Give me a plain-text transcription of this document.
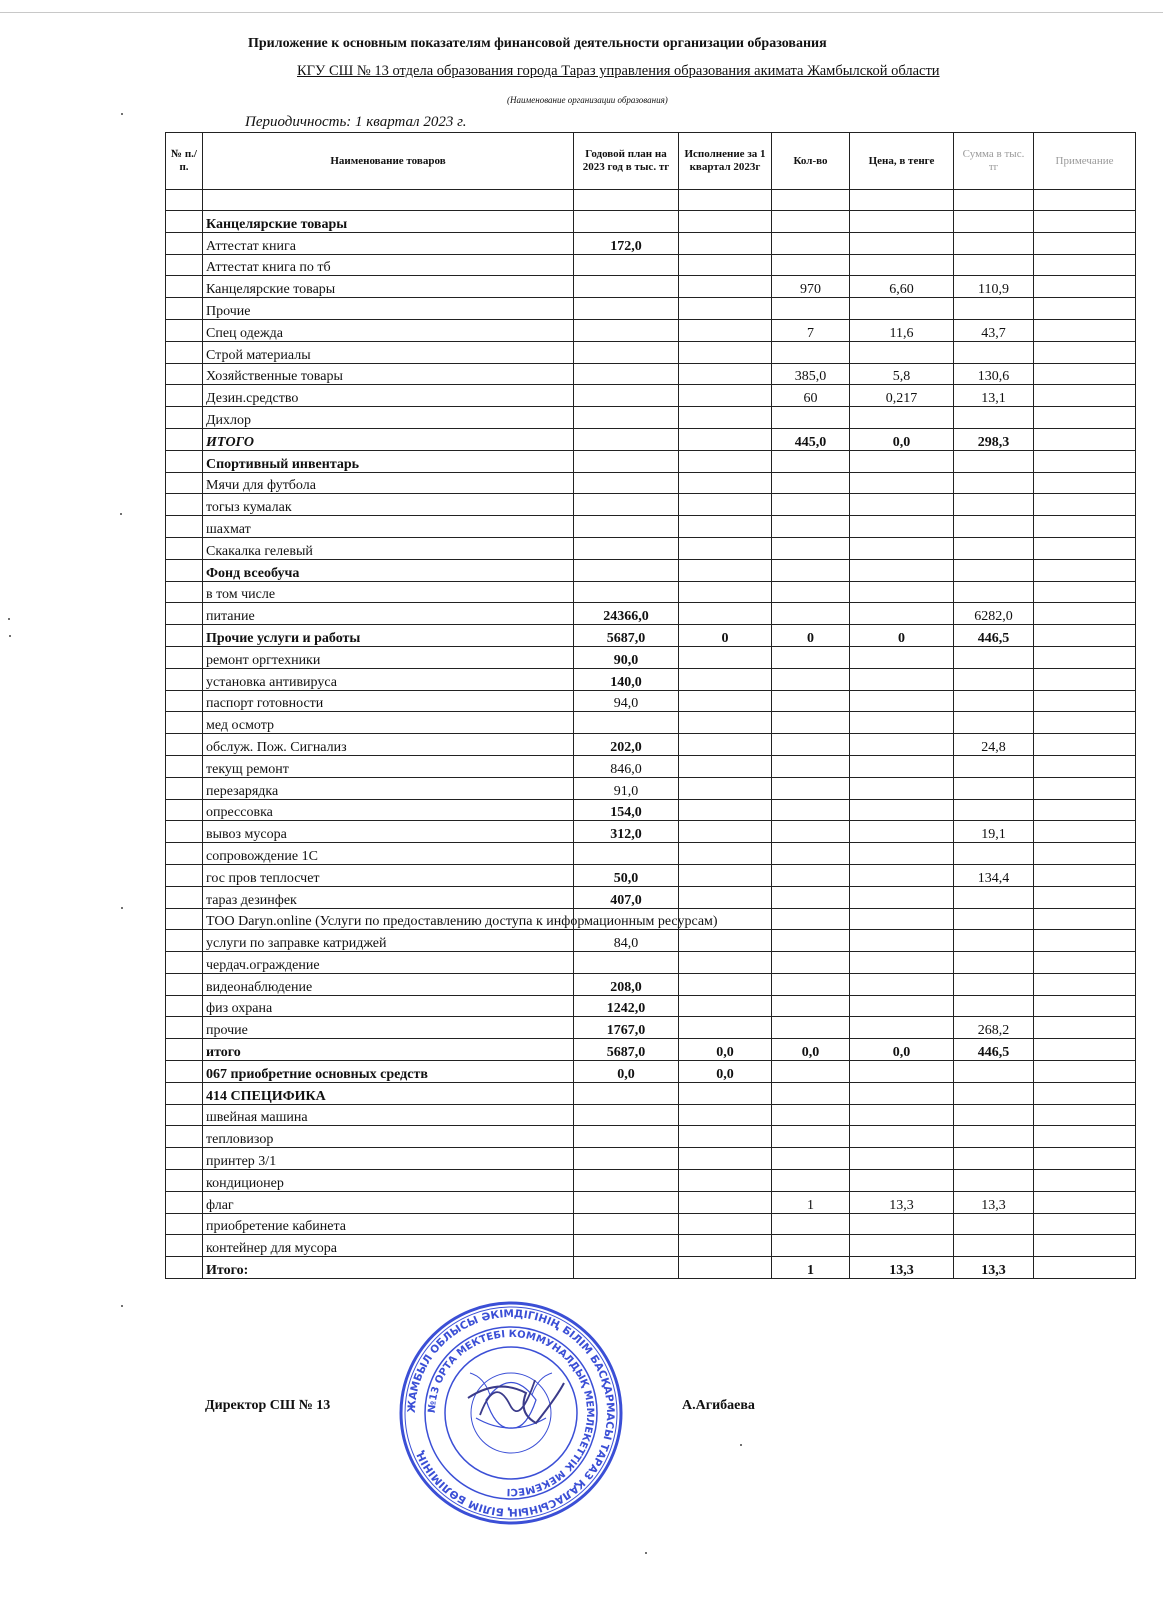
Приложение к основным показателям финансовой деятельности организации образования
КГУ СШ № 13 отдела образования города Тараз управления образования акимата Жамбылской области
(Наименование организации образования)
Периодичность: 1 квартал 2023 г.
№ п./п.	Наименование товаров	Годовой план на 2023 год в тыс. тг	Исполнение за 1 квартал 2023г	Кол-во	Цена, в тенге	Сумма в тыс. тг	Примечание

	Канцелярские товары						
	Аттестат книга	172,0					
	Аттестат книга по тб						
	Канцелярские товары			970	6,60	110,9	
	Прочие						
	Спец одежда			7	11,6	43,7	
	Строй материалы						
	Хозяйственные товары			385,0	5,8	130,6	
	Дезин.средство			60	0,217	13,1	
	Дихлор						
	ИТОГО			445,0	0,0	298,3	
	Спортивный инвентарь						
	Мячи для футбола						
	тогыз кумалак						
	шахмат						
	Скакалка гелевый						
	Фонд всеобуча						
	в том числе						
	питание	24366,0				6282,0	
	Прочие услуги и работы	5687,0	0	0	0	446,5	
	ремонт оргтехники	90,0					
	установка антивируса	140,0					
	паспорт готовности	94,0					
	мед осмотр						
	обслуж. Пож. Сигнализ	202,0				24,8	
	текущ ремонт	846,0					
	перезарядка	91,0					
	опрессовка	154,0					
	вывоз мусора	312,0				19,1	
	сопровождение 1С						
	гос пров теплосчет	50,0				134,4	
	тараз дезинфек	407,0					
	ТОО Daryn.online (Услуги по предоставлению доступа к информационным ресурсам)						
	услуги по заправке катриджей	84,0					
	чердач.ограждение						
	видеонаблюдение	208,0					
	физ охрана	1242,0					
	прочие	1767,0				268,2	
	итого	5687,0	0,0	0,0	0,0	446,5	
	067 приобретние основных средств	0,0	0,0				
	414 СПЕЦИФИКА						
	швейная машина						
	тепловизор						
	принтер 3/1						
	кондиционер						
	флаг			1	13,3	13,3	
	приобретение кабинета						
	контейнер для мусора						
	Итого:			1	13,3	13,3	
Директор СШ № 13	А.Агибаева
ЖАМБЫЛ ОБЛЫСЫ ӘКІМДІГІНІҢ БІЛІМ БАСҚАРМАСЫ ТАРАЗ ҚАЛАСЫНЫҢ БІЛІМ БӨЛІМІНІҢ
№13 ОРТА МЕКТЕБІ КОММУНАЛДЫҚ МЕМЛЕКЕТТІК МЕКЕМЕСІ
